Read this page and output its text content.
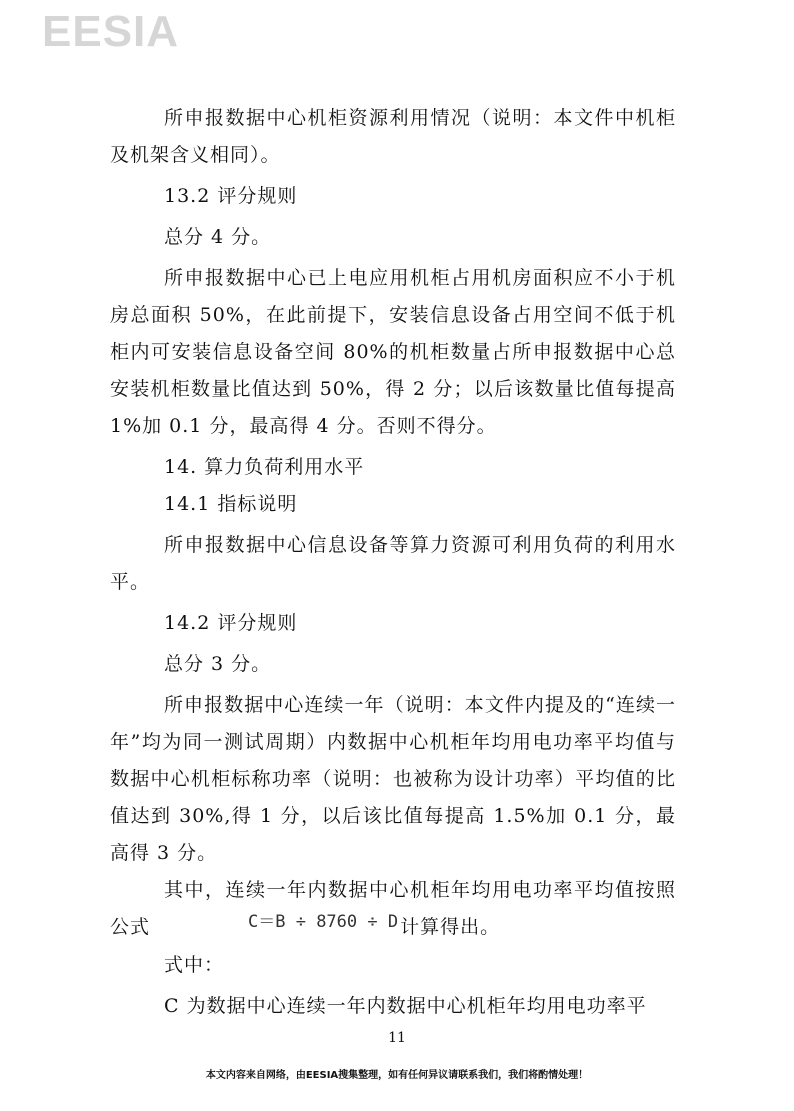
EESIA

所申报数据中心机柜资源利用情况（说明：本文件中机柜及机架含义相同）。

13.2 评分规则

总分 4 分。

所申报数据中心已上电应用机柜占用机房面积应不小于机房总面积 50%，在此前提下，安装信息设备占用空间不低于机柜内可安装信息设备空间 80%的机柜数量占所申报数据中心总安装机柜数量比值达到 50%，得 2 分；以后该数量比值每提高 1%加 0.1 分，最高得 4 分。否则不得分。

14. 算力负荷利用水平

14.1 指标说明

所申报数据中心信息设备等算力资源可利用负荷的利用水平。

14.2 评分规则

总分 3 分。

所申报数据中心连续一年（说明：本文件内提及的“连续一年”均为同一测试周期）内数据中心机柜年均用电功率平均值与数据中心机柜标称功率（说明：也被称为设计功率）平均值的比值达到 30%,得 1 分，以后该比值每提高 1.5%加 0.1 分，最高得 3 分。

其中，连续一年内数据中心机柜年均用电功率平均值按照公式	C＝B ÷ 8760 ÷ D 计算得出。

式中：

C 为数据中心连续一年内数据中心机柜年均用电功率平

11
本文内容来自网络，由EESIA搜集整理，如有任何异议请联系我们，我们将酌情处理！
